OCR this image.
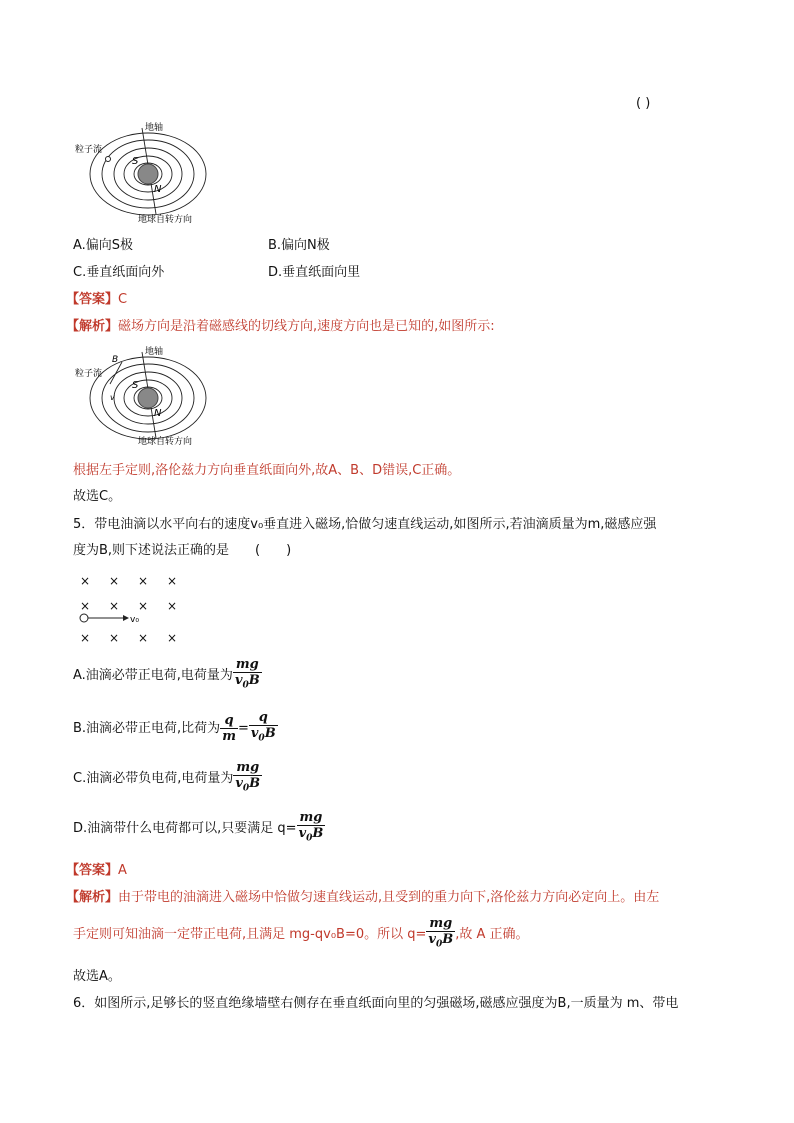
( )
地轴
粒子流
S
N
地球自转方向
A.偏向S极	B.偏向N极
C.垂直纸面向外	D.垂直纸面向里
【答案】C
【解析】磁场方向是沿着磁感线的切线方向,速度方向也是已知的,如图所示:
地轴
粒子流
B
v
S
N
地球自转方向
根据左手定则,洛伦兹力方向垂直纸面向外,故A、B、D错误,C正确。
故选C。
5．带电油滴以水平向右的速度v₀垂直进入磁场,恰做匀速直线运动,如图所示,若油滴质量为m,磁感应强
度为B,则下述说法正确的是　　(　　)
× × × ×
× × × ×
v₀
× × × ×
A.油滴必带正电荷,电荷量为 $\frac{mg}{v_0B}$
B.油滴必带正电荷,比荷为 $\frac{q}{m} = \frac{q}{v_0B}$
C.油滴必带负电荷,电荷量为 $\frac{mg}{v_0B}$
D.油滴带什么电荷都可以,只要满足 $q= \frac{mg}{v_0B}$
【答案】A
【解析】由于带电的油滴进入磁场中恰做匀速直线运动,且受到的重力向下,洛伦兹力方向必定向上。由左
手定则可知油滴一定带正电荷,且满足 mg-qv₀B=0。所以 $q= \frac{mg}{v_0B}$ ,故 A 正确。
故选A。
6．如图所示,足够长的竖直绝缘墙壁右侧存在垂直纸面向里的匀强磁场,磁感应强度为B,一质量为 m、带电
